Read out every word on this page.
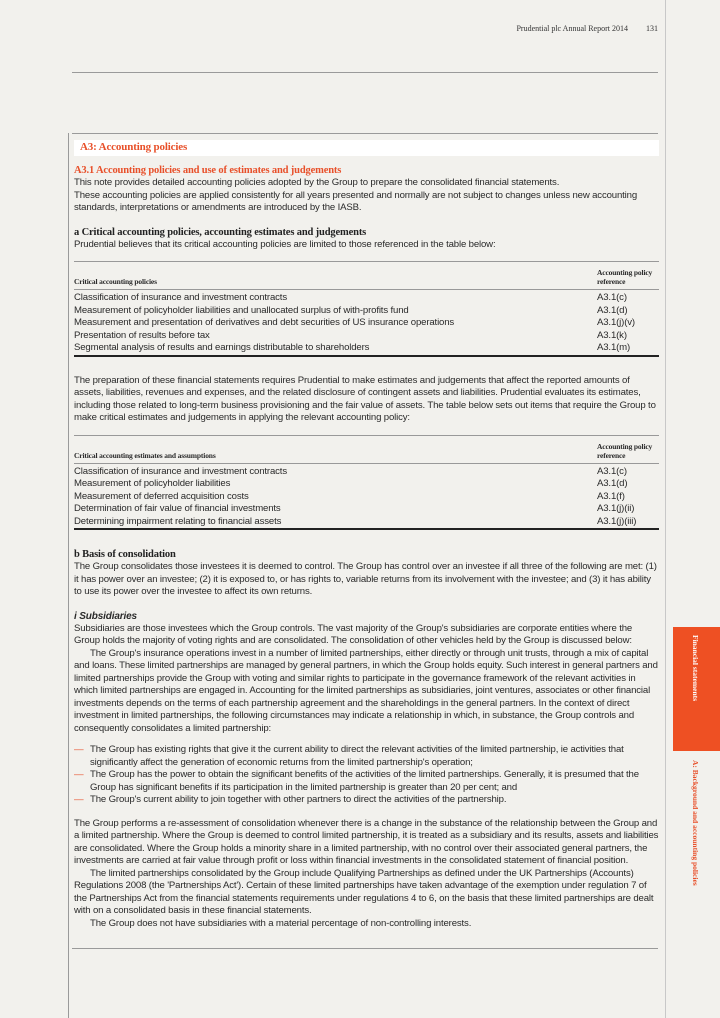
Prudential plc Annual Report 2014 131
A3: Accounting policies
A3.1 Accounting policies and use of estimates and judgements

This note provides detailed accounting policies adopted by the Group to prepare the consolidated financial statements.

These accounting policies are applied consistently for all years presented and normally are not subject to changes unless new accounting standards, interpretations or amendments are introduced by the IASB.

a Critical accounting policies, accounting estimates and judgements

Prudential believes that its critical accounting policies are limited to those referenced in the table below:

Critical accounting policies	Accounting policy reference
Classification of insurance and investment contracts	A3.1(c)
Measurement of policyholder liabilities and unallocated surplus of with-profits fund	A3.1(d)
Measurement and presentation of derivatives and debt securities of US insurance operations	A3.1(j)(v)
Presentation of results before tax	A3.1(k)
Segmental analysis of results and earnings distributable to shareholders	A3.1(m)

The preparation of these financial statements requires Prudential to make estimates and judgements that affect the reported amounts of assets, liabilities, revenues and expenses, and the related disclosure of contingent assets and liabilities. Prudential evaluates its estimates, including those related to long-term business provisioning and the fair value of assets. The table below sets out items that require the Group to make critical estimates and judgements in applying the relevant accounting policy:

Critical accounting estimates and assumptions	Accounting policy reference
Classification of insurance and investment contracts	A3.1(c)
Measurement of policyholder liabilities	A3.1(d)
Measurement of deferred acquisition costs	A3.1(f)
Determination of fair value of financial investments	A3.1(j)(ii)
Determining impairment relating to financial assets	A3.1(j)(iii)
b Basis of consolidation

The Group consolidates those investees it is deemed to control. The Group has control over an investee if all three of the following are met: (1) it has power over an investee; (2) it is exposed to, or has rights to, variable returns from its involvement with the investee; and (3) it has ability to use its power over the investee to affect its own returns.

i Subsidiaries

Subsidiaries are those investees which the Group controls. The vast majority of the Group's subsidiaries are corporate entities where the Group holds the majority of voting rights and are consolidated. The consolidation of other vehicles held by the Group is discussed below:

The Group's insurance operations invest in a number of limited partnerships, either directly or through unit trusts, through a mix of capital and loans. These limited partnerships are managed by general partners, in which the Group holds equity. Such interest in general partners and limited partnerships provide the Group with voting and similar rights to participate in the governance framework of the relevant activities in which limited partnerships are engaged in. Accounting for the limited partnerships as subsidiaries, joint ventures, associates or other financial investments depends on the terms of each partnership agreement and the shareholdings in the general partners. In the context of direct investment in limited partnerships, the following circumstances may indicate a relationship in which, in substance, the Group controls and consequently consolidates a limited partnership:

— The Group has existing rights that give it the current ability to direct the relevant activities of the limited partnership, ie activities that significantly affect the generation of economic returns from the limited partnership's operation;
— The Group has the power to obtain the significant benefits of the activities of the limited partnerships. Generally, it is presumed that the Group has significant benefits if its participation in the limited partnership is greater than 20 per cent; and
— The Group's current ability to join together with other partners to direct the activities of the partnership.

The Group performs a re-assessment of consolidation whenever there is a change in the substance of the relationship between the Group and a limited partnership. Where the Group is deemed to control limited partnership, it is treated as a subsidiary and its results, assets and liabilities are consolidated. Where the Group holds a minority share in a limited partnership, with no control over their associated general partners, the investments are carried at fair value through profit or loss within financial investments in the consolidated statement of financial position.

The limited partnerships consolidated by the Group include Qualifying Partnerships as defined under the UK Partnerships (Accounts) Regulations 2008 (the 'Partnerships Act'). Certain of these limited partnerships have taken advantage of the exemption under regulation 7 of the Partnerships Act from the financial statements requirements under regulations 4 to 6, on the basis that these limited partnerships are dealt with on a consolidated basis in these financial statements.

The Group does not have subsidiaries with a material percentage of non-controlling interests.

Financial statements
A: Background and accounting policies
